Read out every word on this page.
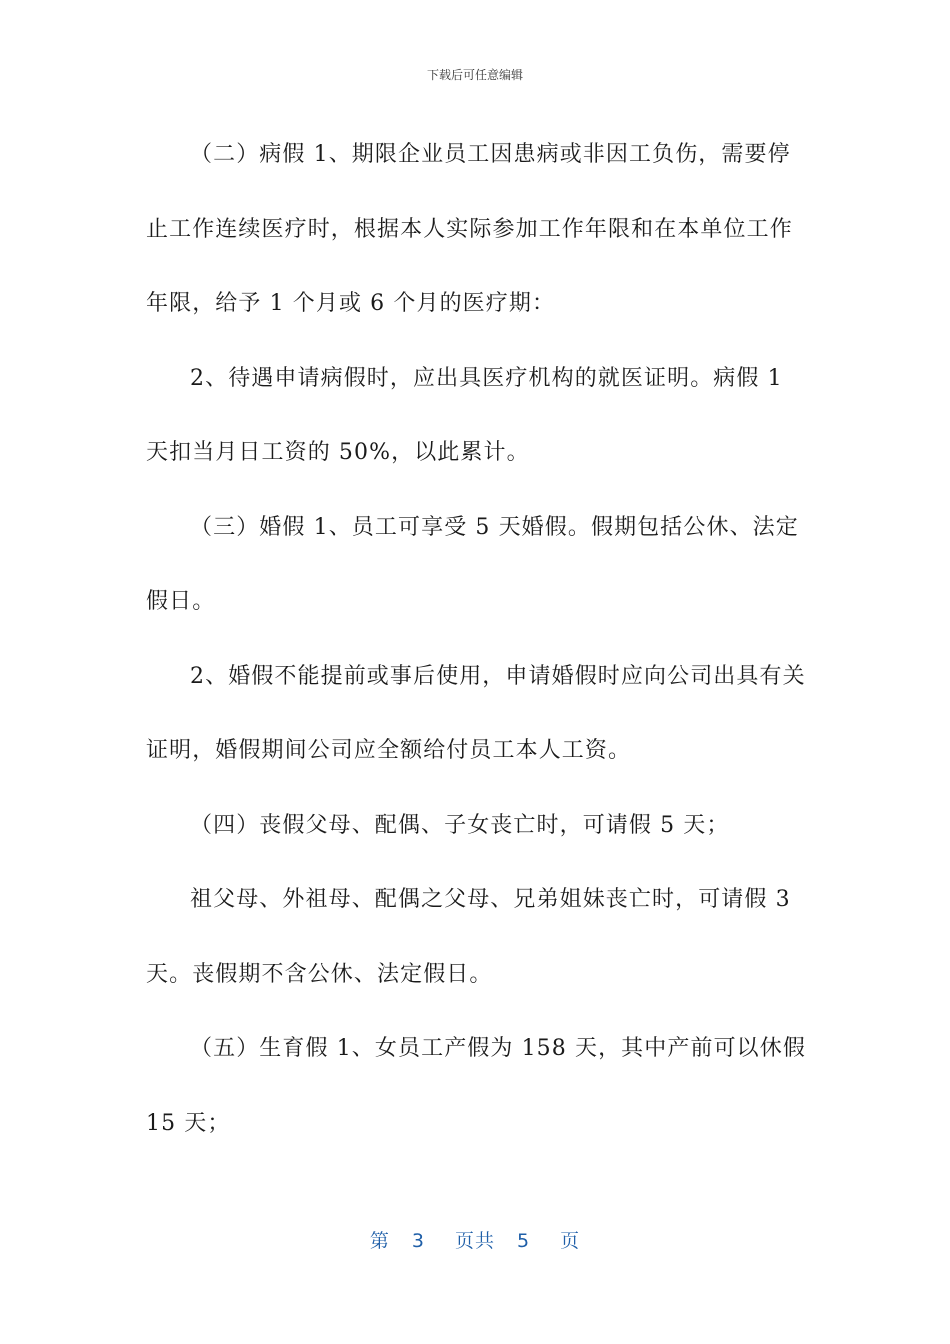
下载后可任意编辑

（二）病假 1、期限企业员工因患病或非因工负伤，需要停止工作连续医疗时，根据本人实际参加工作年限和在本单位工作年限，给予 1 个月或 6 个月的医疗期：

2、待遇申请病假时，应出具医疗机构的就医证明。病假 1 天扣当月日工资的 50%，以此累计。

（三）婚假 1、员工可享受 5 天婚假。假期包括公休、法定假日。

2、婚假不能提前或事后使用，申请婚假时应向公司出具有关证明，婚假期间公司应全额给付员工本人工资。

（四）丧假父母、配偶、子女丧亡时，可请假 5 天；

祖父母、外祖母、配偶之父母、兄弟姐妹丧亡时，可请假 3 天。丧假期不含公休、法定假日。

（五）生育假 1、女员工产假为 158 天，其中产前可以休假 15 天；

第 3 页共 5 页
